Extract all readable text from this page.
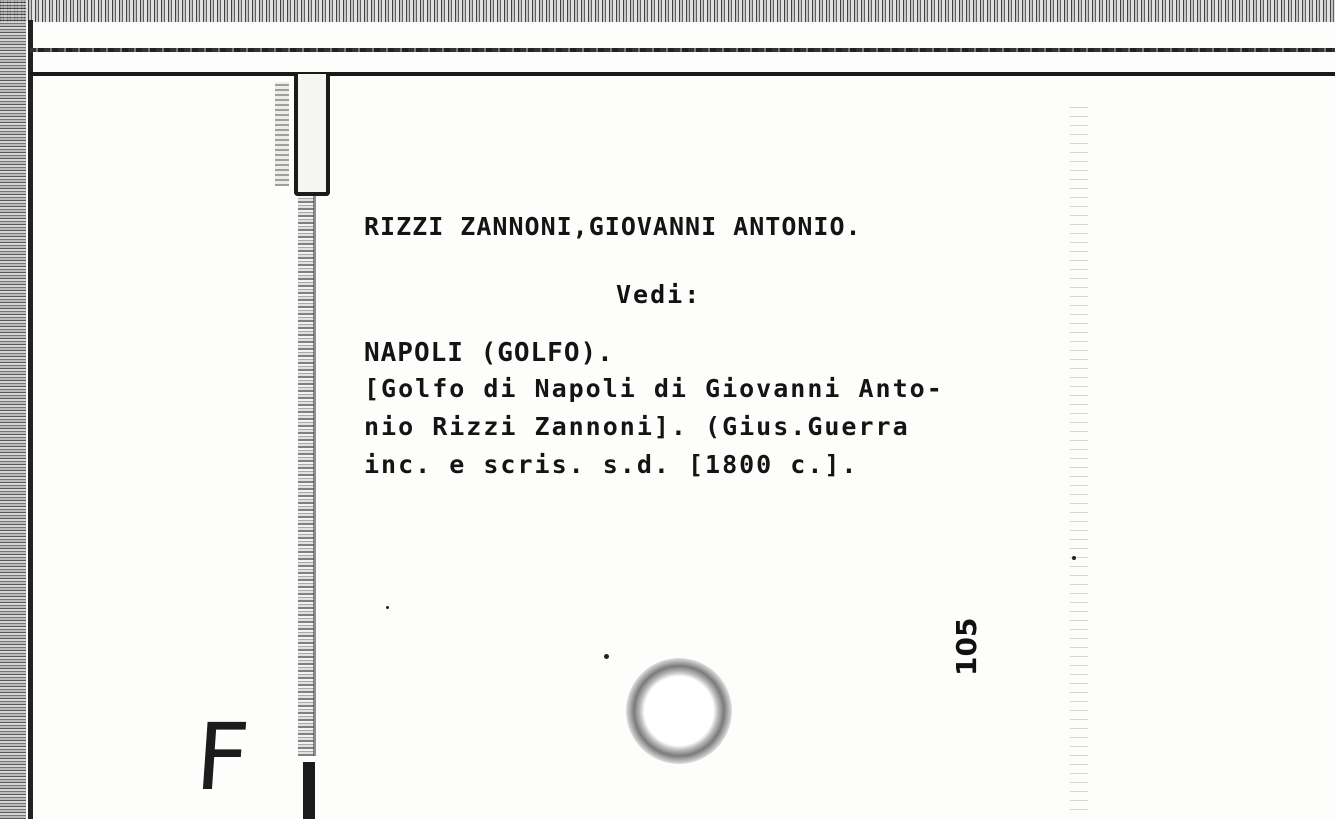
RIZZI ZANNONI,GIOVANNI ANTONIO.
Vedi:
NAPOLI (GOLFO).
[Golfo di Napoli di Giovanni Anto-
nio Rizzi Zannoni]. (Gius.Guerra
inc. e scris. s.d. [1800 c.].
105
F
